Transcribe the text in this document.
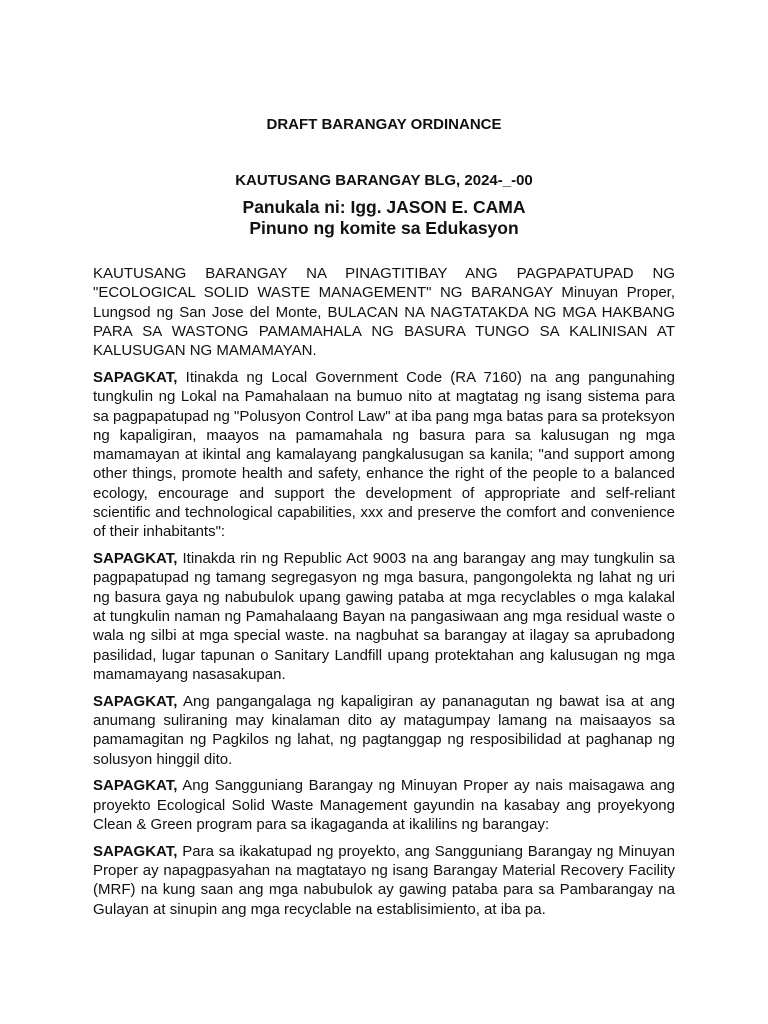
DRAFT BARANGAY ORDINANCE
KAUTUSANG BARANGAY BLG, 2024-_-00
Panukala ni: Igg. JASON E. CAMA
Pinuno ng komite sa Edukasyon

KAUTUSANG BARANGAY NA PINAGTITIBAY ANG PAGPAPATUPAD NG "ECOLOGICAL SOLID WASTE MANAGEMENT" NG BARANGAY Minuyan Proper, Lungsod ng San Jose del Monte, BULACAN NA NAGTATAKDA NG MGA HAKBANG PARA SA WASTONG PAMAMAHALA NG BASURA TUNGO SA KALINISAN AT KALUSUGAN NG MAMAMAYAN.

SAPAGKAT, Itinakda ng Local Government Code (RA 7160) na ang pangunahing tungkulin ng Lokal na Pamahalaan na bumuo nito at magtatag ng isang sistema para sa pagpapatupad ng "Polusyon Control Law" at iba pang mga batas para sa proteksyon ng kapaligiran, maayos na pamamahala ng basura para sa kalusugan ng mga mamamayan at ikintal ang kamalayang pangkalusugan sa kanila; "and support among other things, promote health and safety, enhance the right of the people to a balanced ecology, encourage and support the development of appropriate and self-reliant scientific and technological capabilities, xxx and preserve the comfort and convenience of their inhabitants":

SAPAGKAT, Itinakda rin ng Republic Act 9003 na ang barangay ang may tungkulin sa pagpapatupad ng tamang segregasyon ng mga basura, pangongolekta ng lahat ng uri ng basura gaya ng nabubulok upang gawing pataba at mga recyclables o mga kalakal at tungkulin naman ng Pamahalaang Bayan na pangasiwaan ang mga residual waste o wala ng silbi at mga special waste. na nagbuhat sa barangay at ilagay sa aprubadong pasilidad, lugar tapunan o Sanitary Landfill upang protektahan ang kalusugan ng mga mamamayang nasasakupan.

SAPAGKAT, Ang pangangalaga ng kapaligiran ay pananagutan ng bawat isa at ang anumang suliraning may kinalaman dito ay matagumpay lamang na maisaayos sa pamamagitan ng Pagkilos ng lahat, ng pagtanggap ng resposibilidad at paghanap ng solusyon hinggil dito.

SAPAGKAT, Ang Sangguniang Barangay ng Minuyan Proper ay nais maisagawa ang proyekto Ecological Solid Waste Management gayundin na kasabay ang proyekyong Clean & Green program para sa ikagaganda at ikalilins ng barangay:

SAPAGKAT, Para sa ikakatupad ng proyekto, ang Sangguniang Barangay ng Minuyan Proper ay napagpasyahan na magtatayo ng isang Barangay Material Recovery Facility (MRF) na kung saan ang mga nabubulok ay gawing pataba para sa Pambarangay na Gulayan at sinupin ang mga recyclable na establisimiento, at iba pa.
